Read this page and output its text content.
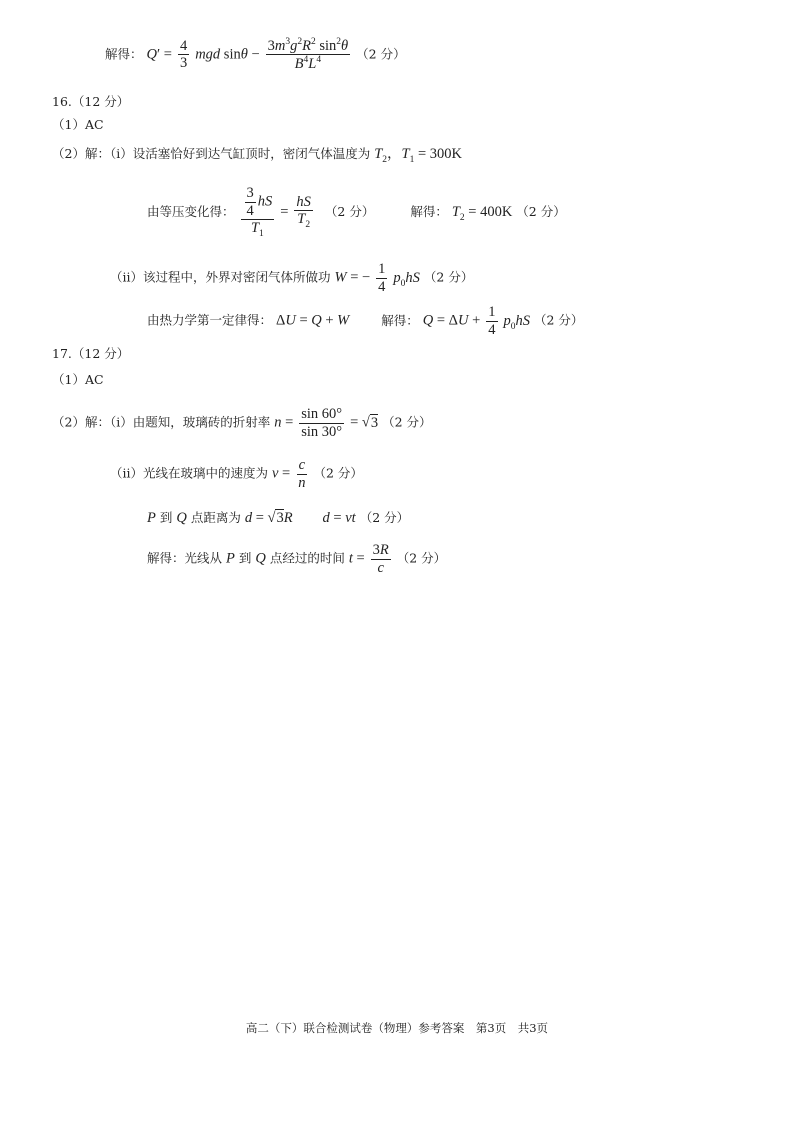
解得： $Q' = \frac{4}{3}$ mgd $\sin\theta - \frac{3m^3g^2R^2 \sin^2\theta}{B^4L^4} (2$ 分）
16.（12 分）
（1）AC
（2）解：（ⅰ）设活塞恰好到达气缸顶时，密闭气体温度为 $T_2$，$T_1 = 300K$
由等压变化得： $\frac{\frac{3}{4} hS}{T_1} = \frac{hS}{T_2} (2$ 分）	解得： $T_2 = 400K$ （2 分）
（ⅱ）该过程中，外界对密闭气体所做功 W = − $\frac{1}{4} p_0hS$ （2 分）
由热力学第一定律得： ΔU = Q + W	解得： $Q = \Delta U + \frac{1}{4} p_0hS$ （2 分）
17.（12 分）
（1）AC
（2）解：（ⅰ）由题知，玻璃砖的折射率 $n = \frac{\sin 60^\circ}{\sin 30^\circ} = √3$ （2 分）
（ⅱ）光线在玻璃中的速度为 $v = \frac{c}{n} (2$ 分）
P 到 Q 点距离为 d = √3R d = vt （2 分）
解得：光线从 P 到 Q 点经过的时间 $t = \frac{3R}{c} (2$ 分）
高二（下）联合检测试卷（物理）参考答案　第3页　共3页
